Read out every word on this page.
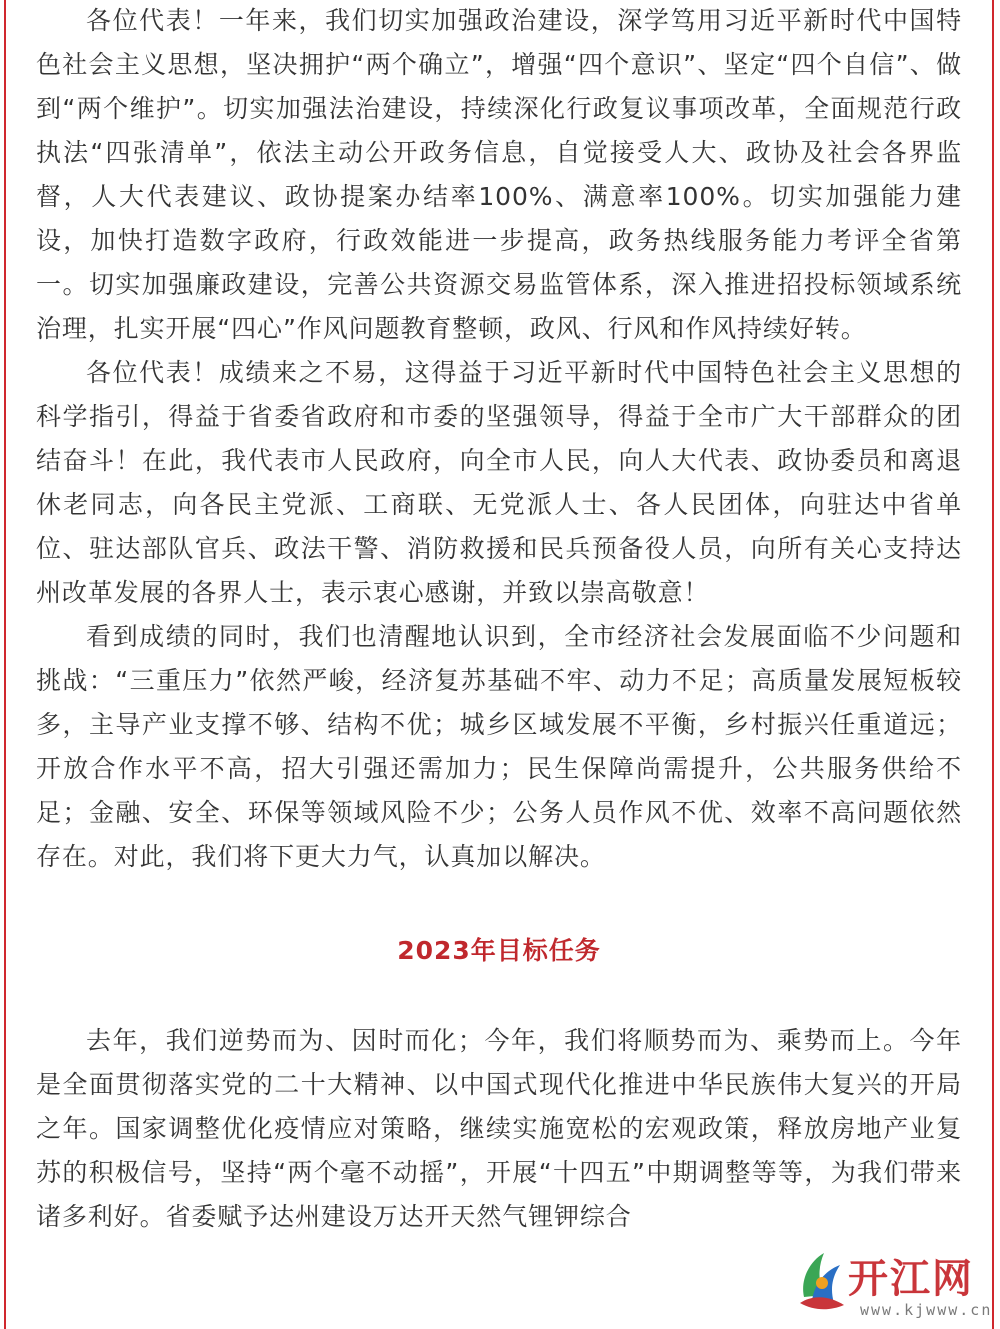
各位代表！一年来，我们切实加强政治建设，深学笃用习近平新时代中国特色社会主义思想，坚决拥护“两个确立”，增强“四个意识”、坚定“四个自信”、做到“两个维护”。切实加强法治建设，持续深化行政复议事项改革，全面规范行政执法“四张清单”，依法主动公开政务信息，自觉接受人大、政协及社会各界监督，人大代表建议、政协提案办结率100%、满意率100%。切实加强能力建设，加快打造数字政府，行政效能进一步提高，政务热线服务能力考评全省第一。切实加强廉政建设，完善公共资源交易监管体系，深入推进招投标领域系统治理，扎实开展“四心”作风问题教育整顿，政风、行风和作风持续好转。

各位代表！成绩来之不易，这得益于习近平新时代中国特色社会主义思想的科学指引，得益于省委省政府和市委的坚强领导，得益于全市广大干部群众的团结奋斗！在此，我代表市人民政府，向全市人民，向人大代表、政协委员和离退休老同志，向各民主党派、工商联、无党派人士、各人民团体，向驻达中省单位、驻达部队官兵、政法干警、消防救援和民兵预备役人员，向所有关心支持达州改革发展的各界人士，表示衷心感谢，并致以崇高敬意！

看到成绩的同时，我们也清醒地认识到，全市经济社会发展面临不少问题和挑战：“三重压力”依然严峻，经济复苏基础不牢、动力不足；高质量发展短板较多，主导产业支撑不够、结构不优；城乡区域发展不平衡，乡村振兴任重道远；开放合作水平不高，招大引强还需加力；民生保障尚需提升，公共服务供给不足；金融、安全、环保等领域风险不少；公务人员作风不优、效率不高问题依然存在。对此，我们将下更大力气，认真加以解决。

2023年目标任务

去年，我们逆势而为、因时而化；今年，我们将顺势而为、乘势而上。今年是全面贯彻落实党的二十大精神、以中国式现代化推进中华民族伟大复兴的开局之年。国家调整优化疫情应对策略，继续实施宽松的宏观政策，释放房地产业复苏的积极信号，坚持“两个毫不动摇”，开展“十四五”中期调整等等，为我们带来诸多利好。省委赋予达州建设万达开天然气锂钾综合

开江网
www.kjwww.cn
